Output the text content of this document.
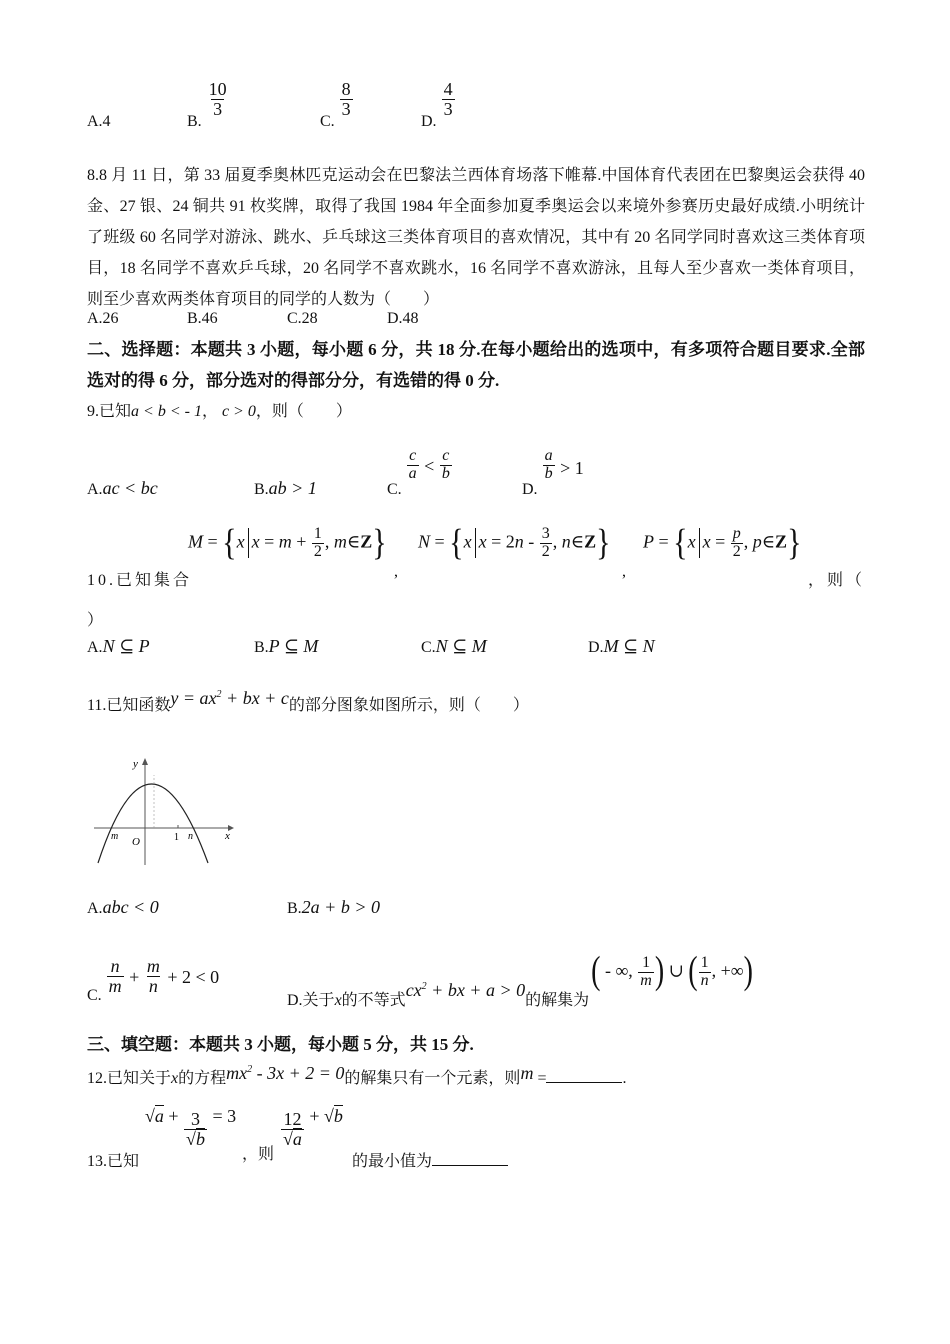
A.4	B.
$\frac{10}{3}$
C.
$\frac{8}{3}$
D.
$\frac{4}{3}$
8.8 月 11 日，第 33 届夏季奥林匹克运动会在巴黎法兰西体育场落下帷幕.中国体育代表团在巴黎奥运会获得 40 金、27 银、24 铜共 91 枚奖牌，取得了我国 1984 年全面参加夏季奥运会以来境外参赛历史最好成绩.小明统计了班级 60 名同学对游泳、跳水、乒乓球这三类体育项目的喜欢情况，其中有 20 名同学同时喜欢这三类体育项目，18 名同学不喜欢乒乓球，20 名同学不喜欢跳水，16 名同学不喜欢游泳，且每人至少喜欢一类体育项目，则至少喜欢两类体育项目的同学的人数为（　　）
A.26	B.46	C.28	D.48
二、选择题：本题共 3 小题，每小题 6 分，共 18 分.在每小题给出的选项中，有多项符合题目要求.全部选对的得 6 分，部分选对的得部分分，有选错的得 0 分.
9.已知a < b < - 1， c > 0，则（　　）
A.ac < bc	B.ab > 1	C.
$\frac{c}{a} < \frac{c}{b}$
D.
$\frac{a}{b} > 1$
10.已知集合
M = {x $x = m + \frac{1}{2}$ , m∈Z}
,
N = {x $x = 2n - \frac{3}{2}$ , n∈Z}
,
P = {x $x = \frac{p}{2}$ , p∈Z}
，则（
）
A.N ⊆ P	B.P ⊆ M	C.N ⊆ M	D.M ⊆ N
11.已知函数$y = ax^2$ + bx + c的部分图象如图所示，则（　　）
y
x
m O	1 n
A.abc < 0	B.2a + b > 0
C. $\frac{n}{m} + \frac{m}{n} + 2 < 0$
D.关于x的不等式$cx^2$ + bx + a > 0的解集为( - ∞, $\frac{1}{m}$ ) ∪ ( $\frac{1}{n}$ , +∞)
三、填空题：本题共 3 小题，每小题 5 分，共 15 分.
12.已知关于x的方程$mx^2 - 3x + 2 = 0$的解集只有一个元素，则m =	.
13.已知
$√a + \frac{3}{√b} = 3$
，则
$\frac{12}{√a} + √b$
的最小值为
